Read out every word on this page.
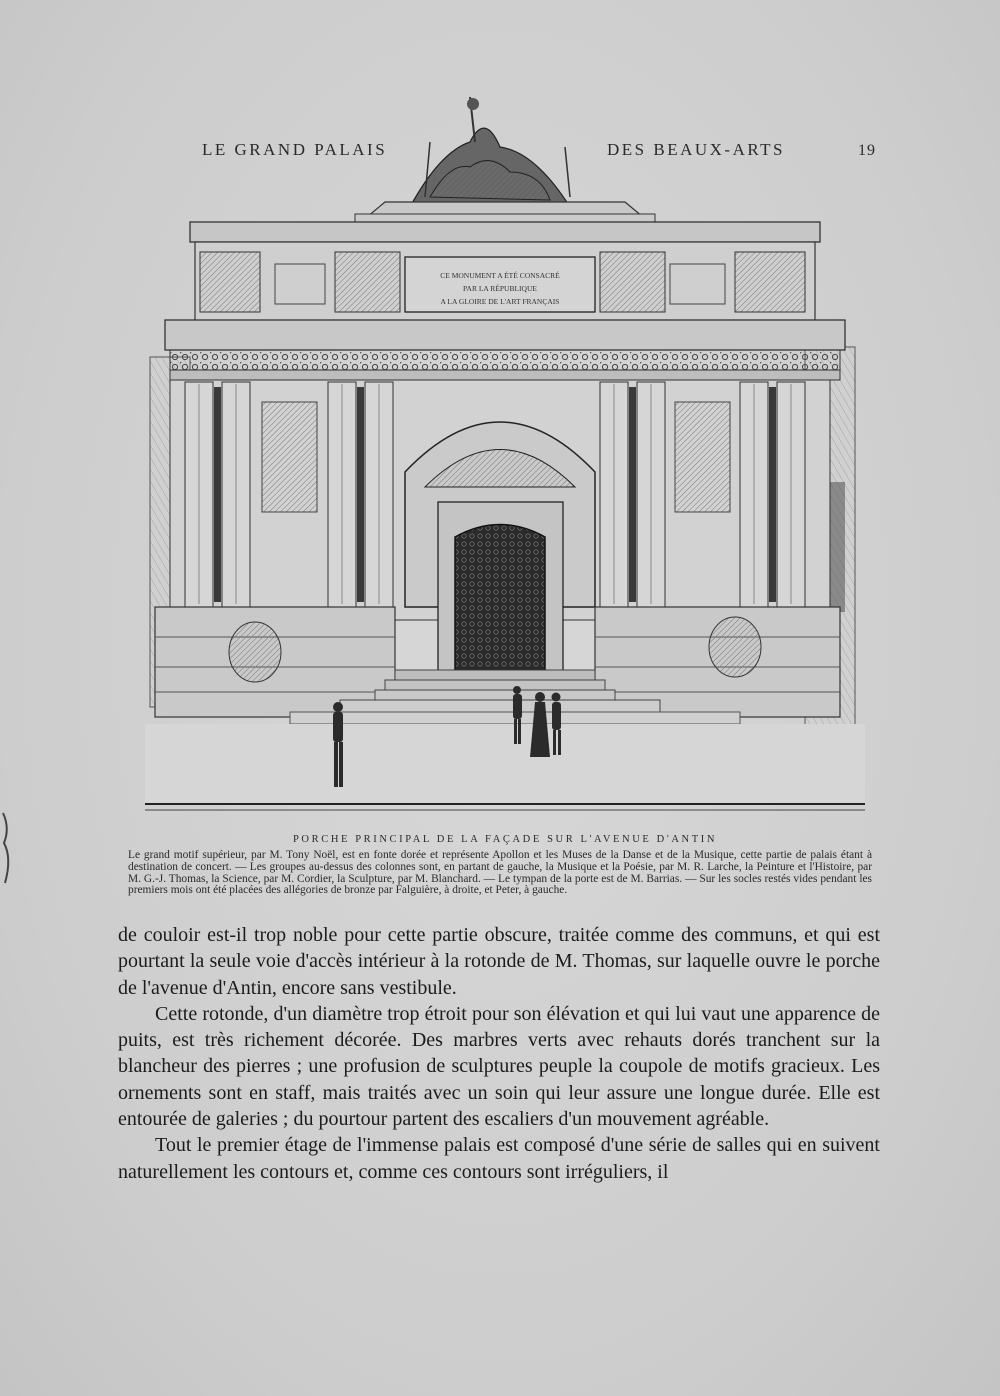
LE GRAND PALAIS	DES BEAUX-ARTS	19
CE MONUMENT A ÉTÉ CONSACRÉ
PAR LA RÉPUBLIQUE
A LA GLOIRE DE L'ART FRANÇAIS
PORCHE PRINCIPAL DE LA FAÇADE SUR L'AVENUE D'ANTIN
Le grand motif supérieur, par M. Tony Noël, est en fonte dorée et représente Apollon et les Muses de la Danse et de la Musique, cette partie de palais étant à destination de concert. — Les groupes au-dessus des colonnes sont, en partant de gauche, la Musique et la Poésie, par M. R. Larche, la Peinture et l'Histoire, par M. G.-J. Thomas, la Science, par M. Cordier, la Sculpture, par M. Blanchard. — Le tympan de la porte est de M. Barrias. — Sur les socles restés vides pendant les premiers mois ont été placées des allégories de bronze par Falguière, à droite, et Peter, à gauche.

de couloir est-il trop noble pour cette partie obscure, traitée comme des communs, et qui est pourtant la seule voie d'accès intérieur à la rotonde de M. Thomas, sur laquelle ouvre le porche de l'avenue d'Antin, encore sans vestibule.

Cette rotonde, d'un diamètre trop étroit pour son élévation et qui lui vaut une apparence de puits, est très richement décorée. Des marbres verts avec rehauts dorés tranchent sur la blancheur des pierres ; une profusion de sculptures peuple la coupole de motifs gracieux. Les ornements sont en staff, mais traités avec un soin qui leur assure une longue durée. Elle est entourée de galeries ; du pourtour partent des escaliers d'un mouvement agréable.

Tout le premier étage de l'immense palais est composé d'une série de salles qui en suivent naturellement les contours et, comme ces contours sont irréguliers, il
